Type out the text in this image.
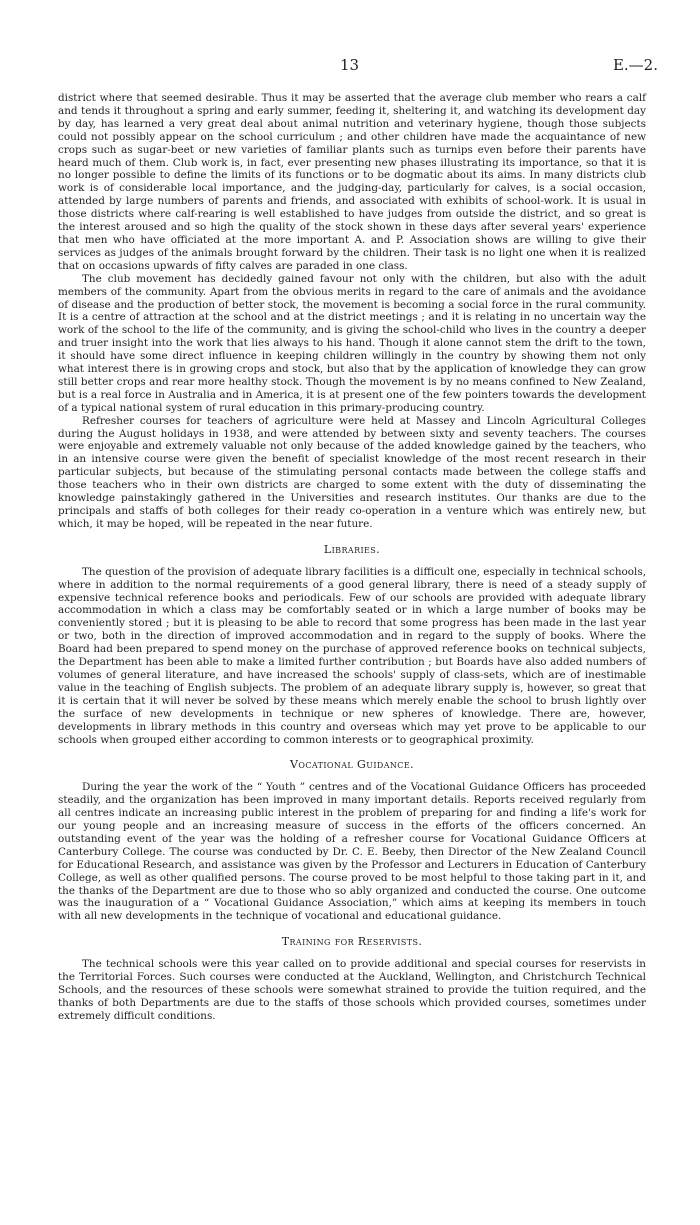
13	E.—2.

district where that seemed desirable. Thus it may be asserted that the average club member who rears a calf and tends it throughout a spring and early summer, feeding it, sheltering it, and watching its development day by day, has learned a very great deal about animal nutrition and veterinary hygiene, though those subjects could not possibly appear on the school curriculum ; and other children have made the acquaintance of new crops such as sugar-beet or new varieties of familiar plants such as turnips even before their parents have heard much of them. Club work is, in fact, ever presenting new phases illustrating its importance, so that it is no longer possible to define the limits of its functions or to be dogmatic about its aims. In many districts club work is of considerable local importance, and the judging-day, particularly for calves, is a social occasion, attended by large numbers of parents and friends, and associated with exhibits of school-work. It is usual in those districts where calf-rearing is well established to have judges from outside the district, and so great is the interest aroused and so high the quality of the stock shown in these days after several years' experience that men who have officiated at the more important A. and P. Association shows are willing to give their services as judges of the animals brought forward by the children. Their task is no light one when it is realized that on occasions upwards of fifty calves are paraded in one class.

The club movement has decidedly gained favour not only with the children, but also with the adult members of the community. Apart from the obvious merits in regard to the care of animals and the avoidance of disease and the production of better stock, the movement is becoming a social force in the rural community. It is a centre of attraction at the school and at the district meetings ; and it is relating in no uncertain way the work of the school to the life of the community, and is giving the school-child who lives in the country a deeper and truer insight into the work that lies always to his hand. Though it alone cannot stem the drift to the town, it should have some direct influence in keeping children willingly in the country by showing them not only what interest there is in growing crops and stock, but also that by the application of knowledge they can grow still better crops and rear more healthy stock. Though the movement is by no means confined to New Zealand, but is a real force in Australia and in America, it is at present one of the few pointers towards the development of a typical national system of rural education in this primary-producing country.

Refresher courses for teachers of agriculture were held at Massey and Lincoln Agricultural Colleges during the August holidays in 1938, and were attended by between sixty and seventy teachers. The courses were enjoyable and extremely valuable not only because of the added knowledge gained by the teachers, who in an intensive course were given the benefit of specialist knowledge of the most recent research in their particular subjects, but because of the stimulating personal contacts made between the college staffs and those teachers who in their own districts are charged to some extent with the duty of disseminating the knowledge painstakingly gathered in the Universities and research institutes. Our thanks are due to the principals and staffs of both colleges for their ready co-operation in a venture which was entirely new, but which, it may be hoped, will be repeated in the near future.

Libraries.

The question of the provision of adequate library facilities is a difficult one, especially in technical schools, where in addition to the normal requirements of a good general library, there is need of a steady supply of expensive technical reference books and periodicals. Few of our schools are provided with adequate library accommodation in which a class may be comfortably seated or in which a large number of books may be conveniently stored ; but it is pleasing to be able to record that some progress has been made in the last year or two, both in the direction of improved accommodation and in regard to the supply of books. Where the Board had been prepared to spend money on the purchase of approved reference books on technical subjects, the Department has been able to make a limited further contribution ; but Boards have also added numbers of volumes of general literature, and have increased the schools' supply of class-sets, which are of inestimable value in the teaching of English subjects. The problem of an adequate library supply is, however, so great that it is certain that it will never be solved by these means which merely enable the school to brush lightly over the surface of new developments in technique or new spheres of knowledge. There are, however, developments in library methods in this country and overseas which may yet prove to be applicable to our schools when grouped either according to common interests or to geographical proximity.

Vocational Guidance.

During the year the work of the “ Youth ” centres and of the Vocational Guidance Officers has proceeded steadily, and the organization has been improved in many important details. Reports received regularly from all centres indicate an increasing public interest in the problem of preparing for and finding a life's work for our young people and an increasing measure of success in the efforts of the officers concerned. An outstanding event of the year was the holding of a refresher course for Vocational Guidance Officers at Canterbury College. The course was conducted by Dr. C. E. Beeby, then Director of the New Zealand Council for Educational Research, and assistance was given by the Professor and Lecturers in Education of Canterbury College, as well as other qualified persons. The course proved to be most helpful to those taking part in it, and the thanks of the Department are due to those who so ably organized and conducted the course. One outcome was the inauguration of a “ Vocational Guidance Association,” which aims at keeping its members in touch with all new developments in the technique of vocational and educational guidance.

Training for Reservists.

The technical schools were this year called on to provide additional and special courses for reservists in the Territorial Forces. Such courses were conducted at the Auckland, Wellington, and Christchurch Technical Schools, and the resources of these schools were somewhat strained to provide the tuition required, and the thanks of both Departments are due to the staffs of those schools which provided courses, sometimes under extremely difficult conditions.
